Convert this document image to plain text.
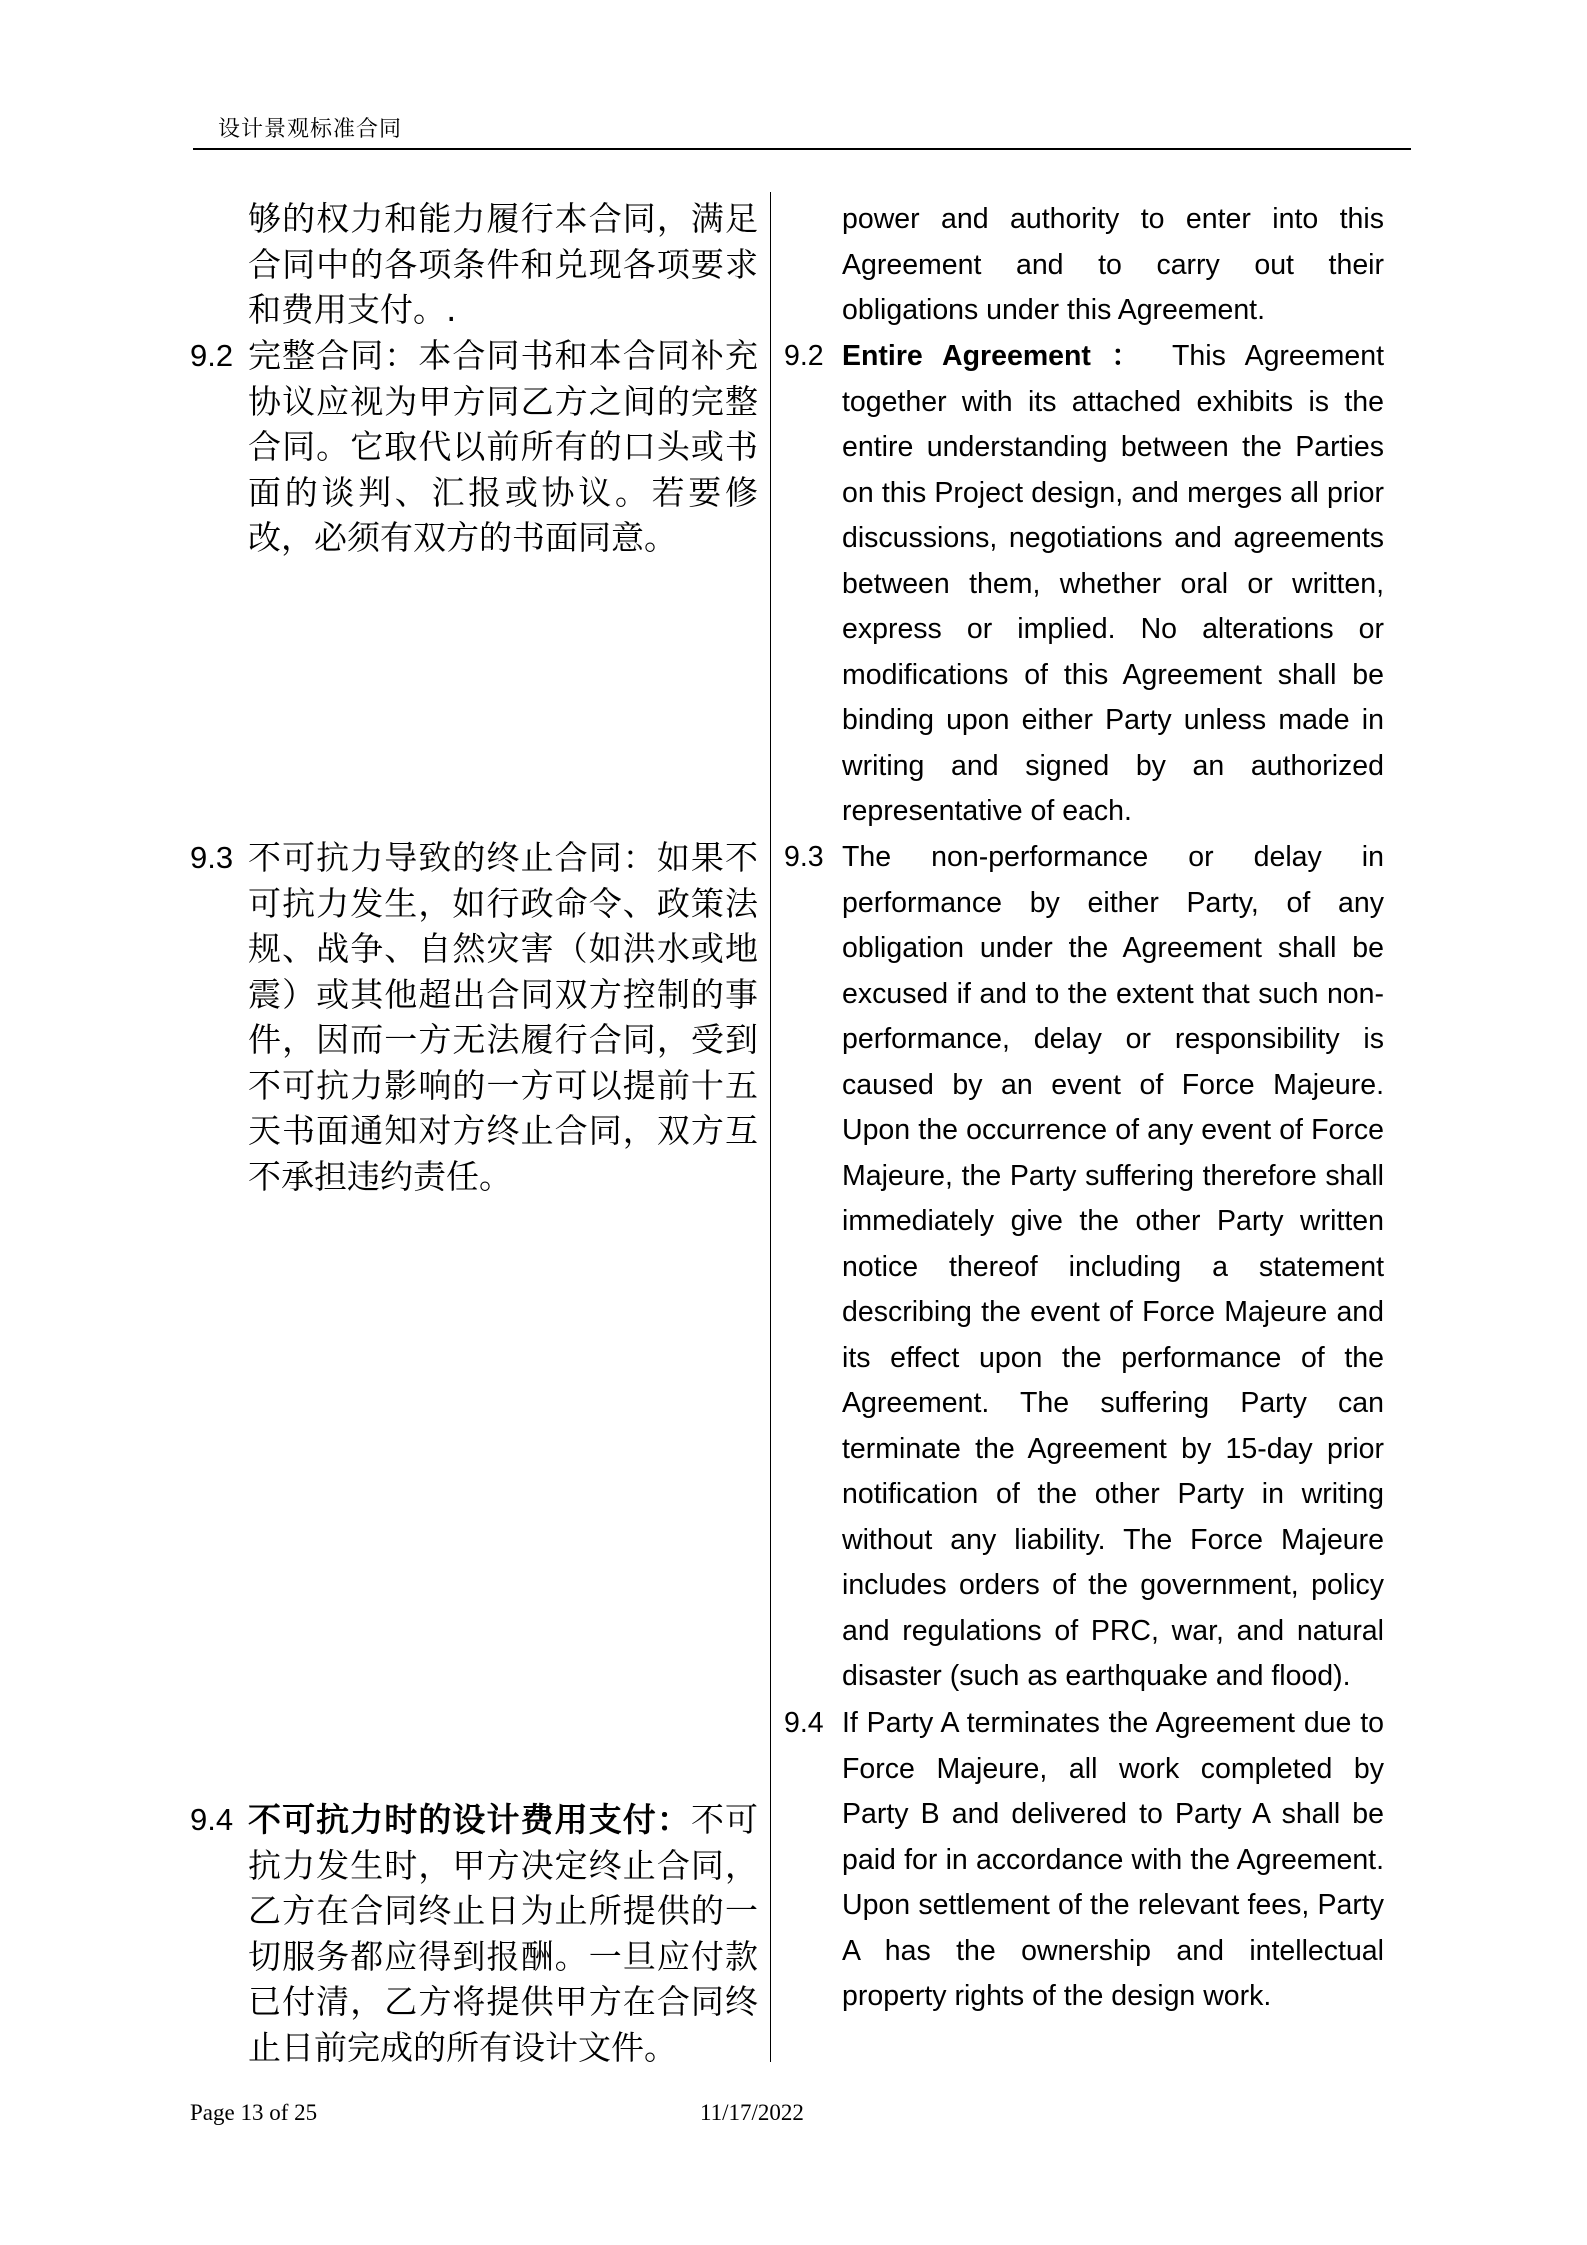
设计景观标准合同
够的权力和能力履行本合同，满足合同中的各项条件和兑现各项要求和费用支付。.
9.2 完整合同：本合同书和本合同补充协议应视为甲方同乙方之间的完整合同。它取代以前所有的口头或书面的谈判、汇报或协议。若要修改，必须有双方的书面同意。
9.3 不可抗力导致的终止合同：如果不可抗力发生，如行政命令、政策法规、战争、自然灾害（如洪水或地震）或其他超出合同双方控制的事件，因而一方无法履行合同，受到不可抗力影响的一方可以提前十五天书面通知对方终止合同，双方互不承担违约责任。
9.4 不可抗力时的设计费用支付：不可抗力发生时，甲方决定终止合同，乙方在合同终止日为止所提供的一切服务都应得到报酬。一旦应付款已付清，乙方将提供甲方在合同终止日前完成的所有设计文件。
power and authority to enter into this Agreement and to carry out their obligations under this Agreement.
9.2 Entire Agreement ： This Agreement together with its attached exhibits is the entire understanding between the Parties on this Project design, and merges all prior discussions, negotiations and agreements between them, whether oral or written, express or implied. No alterations or modifications of this Agreement shall be binding upon either Party unless made in writing and signed by an authorized representative of each.
9.3 The non-performance or delay in performance by either Party, of any obligation under the Agreement shall be excused if and to the extent that such non-performance, delay or responsibility is caused by an event of Force Majeure. Upon the occurrence of any event of Force Majeure, the Party suffering therefore shall immediately give the other Party written notice thereof including a statement describing the event of Force Majeure and its effect upon the performance of the Agreement. The suffering Party can terminate the Agreement by 15-day prior notification of the other Party in writing without any liability. The Force Majeure includes orders of the government, policy and regulations of PRC, war, and natural disaster (such as earthquake and flood).
9.4 If Party A terminates the Agreement due to Force Majeure, all work completed by Party B and delivered to Party A shall be paid for in accordance with the Agreement. Upon settlement of the relevant fees, Party A has the ownership and intellectual property rights of the design work.
Page 13 of 25	11/17/2022
